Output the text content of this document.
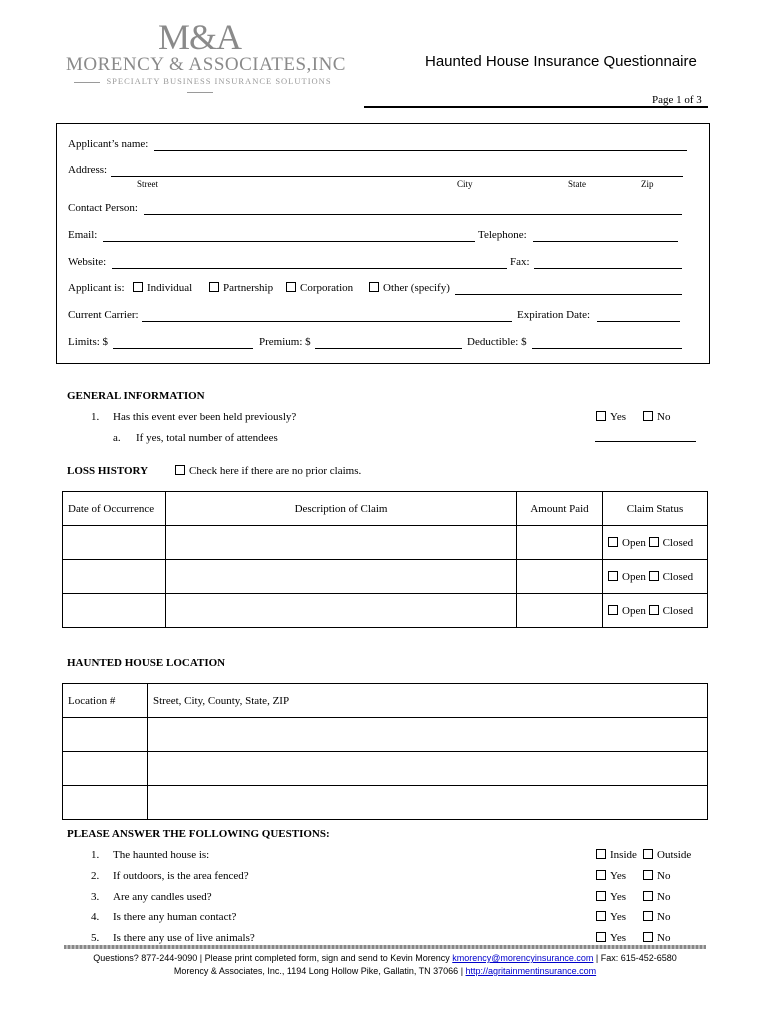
M&A
MORENCY & ASSOCIATES,INC
SPECIALTY BUSINESS INSURANCE SOLUTIONS
Haunted House Insurance Questionnaire
Page 1 of 3
Applicant’s name:
Address:
Street	City	State	Zip
Contact Person:
Email:	Telephone:
Website:	Fax:
Applicant is:	Individual	Partnership	Corporation	Other (specify)
Current Carrier:	Expiration Date:
Limits: $	Premium: $	Deductible: $
GENERAL INFORMATION
1. Has this event ever been held previously?	Yes	No
a. If yes, total number of attendees
LOSS HISTORY	Check here if there are no prior claims.
Date of Occurrence	Description of Claim	Amount Paid	Claim Status
			Open Closed
			Open Closed
			Open Closed
HAUNTED HOUSE LOCATION
Location #	Street, City, County, State, ZIP

PLEASE ANSWER THE FOLLOWING QUESTIONS:
1. The haunted house is:	Inside	Outside
2. If outdoors, is the area fenced?	Yes	No
3. Are any candles used?	Yes	No
4. Is there any human contact?	Yes	No
5. Is there any use of live animals?	Yes	No
Questions? 877-244-9090 | Please print completed form, sign and send to Kevin Morency kmorency@morencyinsurance.com | Fax: 615-452-6580
Morency & Associates, Inc., 1194 Long Hollow Pike, Gallatin, TN 37066 | http://agritainmentinsurance.com
